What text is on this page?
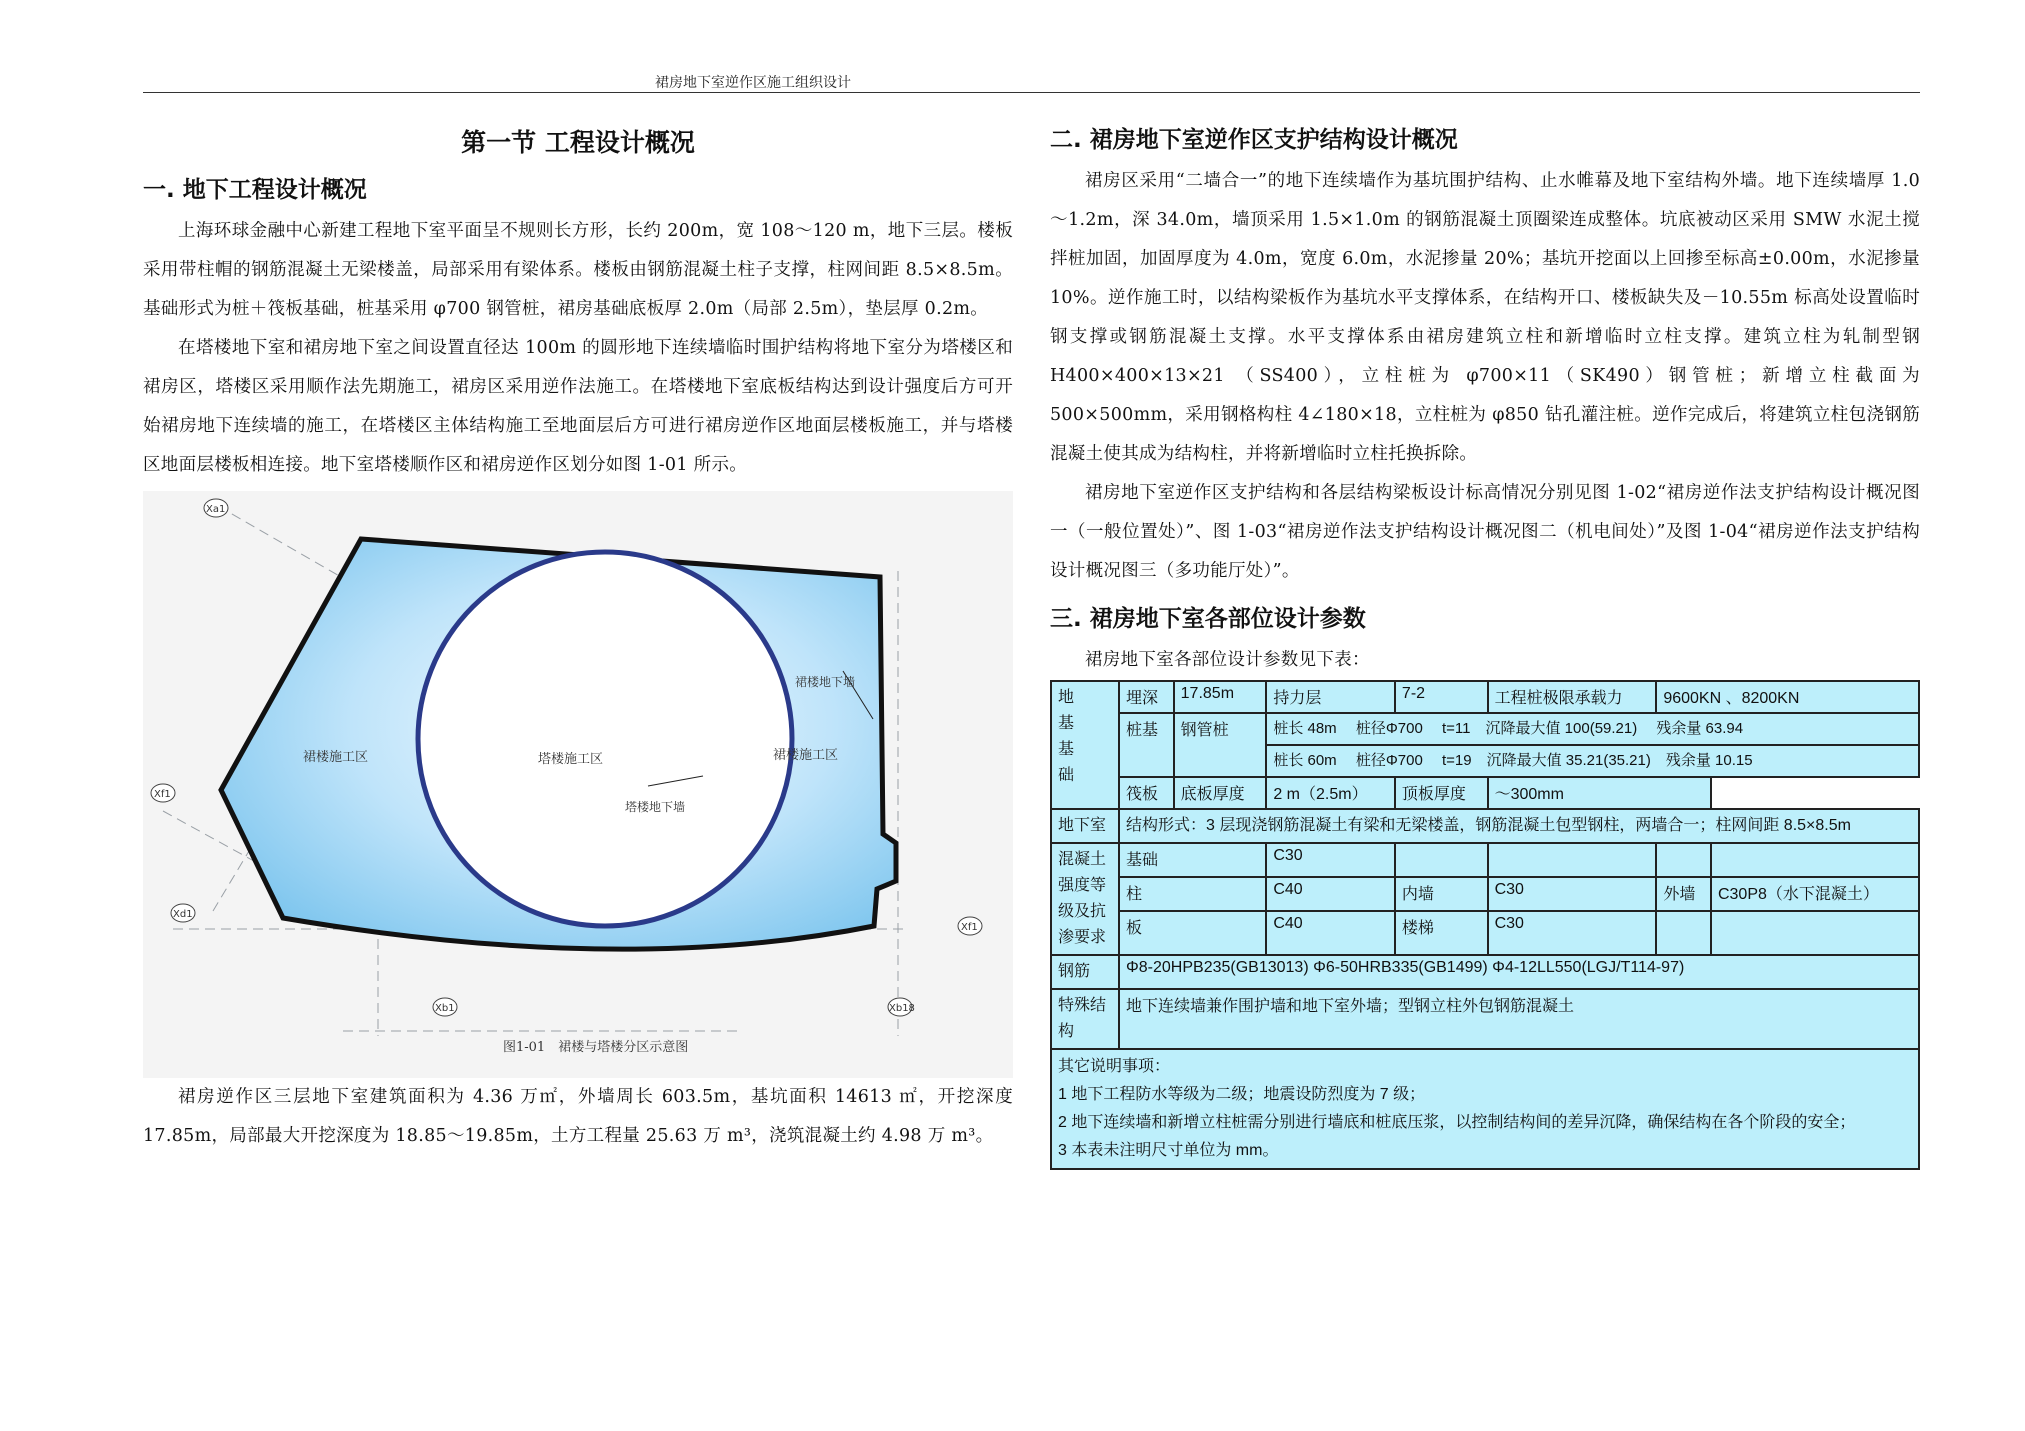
裙房地下室逆作区施工组织设计
第一节 工程设计概况
一. 地下工程设计概况

上海环球金融中心新建工程地下室平面呈不规则长方形，长约 200m，宽 108～120 m，地下三层。楼板采用带柱帽的钢筋混凝土无梁楼盖，局部采用有梁体系。楼板由钢筋混凝土柱子支撑，柱网间距 8.5×8.5m。基础形式为桩＋筏板基础，桩基采用 φ700 钢管桩，裙房基础底板厚 2.0m（局部 2.5m），垫层厚 0.2m。

在塔楼地下室和裙房地下室之间设置直径达 100m 的圆形地下连续墙临时围护结构将地下室分为塔楼区和裙房区，塔楼区采用顺作法先期施工，裙房区采用逆作法施工。在塔楼地下室底板结构达到设计强度后方可开始裙房地下连续墙的施工，在塔楼区主体结构施工至地面层后方可进行裙房逆作区地面层楼板施工，并与塔楼区地面层楼板相连接。地下室塔楼顺作区和裙房逆作区划分如图 1-01 所示。

裙楼施工区	塔楼施工区	裙楼施工区
裙楼地下墙
塔楼地下墙
Xa1
Xf1
Xd1
Xb1	Xb18
Xf1
图1-01　裙楼与塔楼分区示意图

裙房逆作区三层地下室建筑面积为 4.36 万㎡，外墙周长 603.5m，基坑面积 14613 ㎡，开挖深度 17.85m，局部最大开挖深度为 18.85～19.85m，土方工程量 25.63 万 m³，浇筑混凝土约 4.98 万 m³。

二. 裙房地下室逆作区支护结构设计概况

裙房区采用“二墙合一”的地下连续墙作为基坑围护结构、止水帷幕及地下室结构外墙。地下连续墙厚 1.0～1.2m，深 34.0m，墙顶采用 1.5×1.0m 的钢筋混凝土顶圈梁连成整体。坑底被动区采用 SMW 水泥土搅拌桩加固，加固厚度为 4.0m，宽度 6.0m，水泥掺量 20%；基坑开挖面以上回掺至标高±0.00m，水泥掺量 10%。逆作施工时，以结构梁板作为基坑水平支撑体系，在结构开口、楼板缺失及－10.55m 标高处设置临时钢支撑或钢筋混凝土支撑。水平支撑体系由裙房建筑立柱和新增临时立柱支撑。建筑立柱为轧制型钢 H400×400×13×21 （SS400），立柱桩为 φ700×11（SK490）钢管桩；新增立柱截面为 500×500mm，采用钢格构柱 4∠180×18，立柱桩为 φ850 钻孔灌注桩。逆作完成后，将建筑立柱包浇钢筋混凝土使其成为结构柱，并将新增临时立柱托换拆除。

裙房地下室逆作区支护结构和各层结构梁板设计标高情况分别见图 1-02“裙房逆作法支护结构设计概况图一（一般位置处）”、图 1-03“裙房逆作法支护结构设计概况图二（机电间处）”及图 1-04“裙房逆作法支护结构设计概况图三（多功能厅处）”。

三. 裙房地下室各部位设计参数

裙房地下室各部位设计参数见下表：

地
基
基
础	埋深	17.85m	持力层	7-2	工程桩极限承载力	9600KN 、8200KN	
	桩基	钢管桩	桩长 48m　 桩径Φ700　 t=11　沉降最大值 100(59.21)　 残余量 63.94				
			桩长 60m　 桩径Φ700　 t=19　沉降最大值 35.21(35.21)　残余量 10.15				
	筏板	底板厚度	2 m（2.5m）	顶板厚度	～300mm		
地下室	结构形式：3 层现浇钢筋混凝土有梁和无梁楼盖，钢筋混凝土包型钢柱，两墙合一；柱网间距 8.5×8.5m						
混凝土强度等级及抗渗要求	基础		C30				
	柱		C40	内墙	C30	外墙	C30P8（水下混凝土）
	板		C40	楼梯	C30		
钢筋	Φ8-20HPB235(GB13013) Φ6-50HRB335(GB1499) Φ4-12LL550(LGJ/T114-97)						
特殊结构	地下连续墙兼作围护墙和地下室外墙；型钢立柱外包钢筋混凝土						

其它说明事项：
1 地下工程防水等级为二级；地震设防烈度为 7 级；
2 地下连续墙和新增立柱桩需分别进行墙底和桩底压浆，以控制结构间的差异沉降，确保结构在各个阶段的安全；
3 本表未注明尺寸单位为 mm。							
